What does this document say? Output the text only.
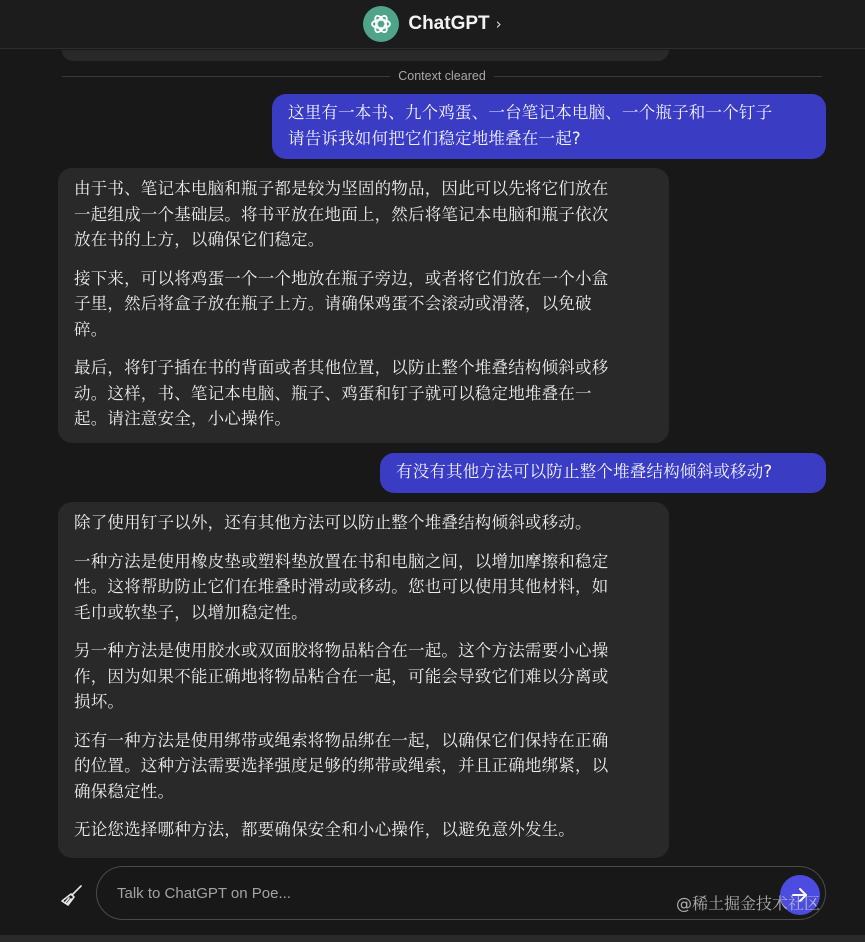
ChatGPT ›
Context cleared
这里有一本书、九个鸡蛋、一台笔记本电脑、一个瓶子和一个钉子
请告诉我如何把它们稳定地堆叠在一起?

由于书、笔记本电脑和瓶子都是较为坚固的物品，因此可以先将它们放在
一起组成一个基础层。将书平放在地面上，然后将笔记本电脑和瓶子依次
放在书的上方，以确保它们稳定。

接下来，可以将鸡蛋一个一个地放在瓶子旁边，或者将它们放在一个小盒
子里，然后将盒子放在瓶子上方。请确保鸡蛋不会滚动或滑落，以免破
碎。

最后，将钉子插在书的背面或者其他位置，以防止整个堆叠结构倾斜或移
动。这样，书、笔记本电脑、瓶子、鸡蛋和钉子就可以稳定地堆叠在一
起。请注意安全，小心操作。

有没有其他方法可以防止整个堆叠结构倾斜或移动?

除了使用钉子以外，还有其他方法可以防止整个堆叠结构倾斜或移动。

一种方法是使用橡皮垫或塑料垫放置在书和电脑之间，以增加摩擦和稳定
性。这将帮助防止它们在堆叠时滑动或移动。您也可以使用其他材料，如
毛巾或软垫子，以增加稳定性。

另一种方法是使用胶水或双面胶将物品粘合在一起。这个方法需要小心操
作，因为如果不能正确地将物品粘合在一起，可能会导致它们难以分离或
损坏。

还有一种方法是使用绑带或绳索将物品绑在一起，以确保它们保持在正确
的位置。这种方法需要选择强度足够的绑带或绳索，并且正确地绑紧，以
确保稳定性。

无论您选择哪种方法，都要确保安全和小心操作，以避免意外发生。

Talk to ChatGPT on Poe...
@稀土掘金技术社区
